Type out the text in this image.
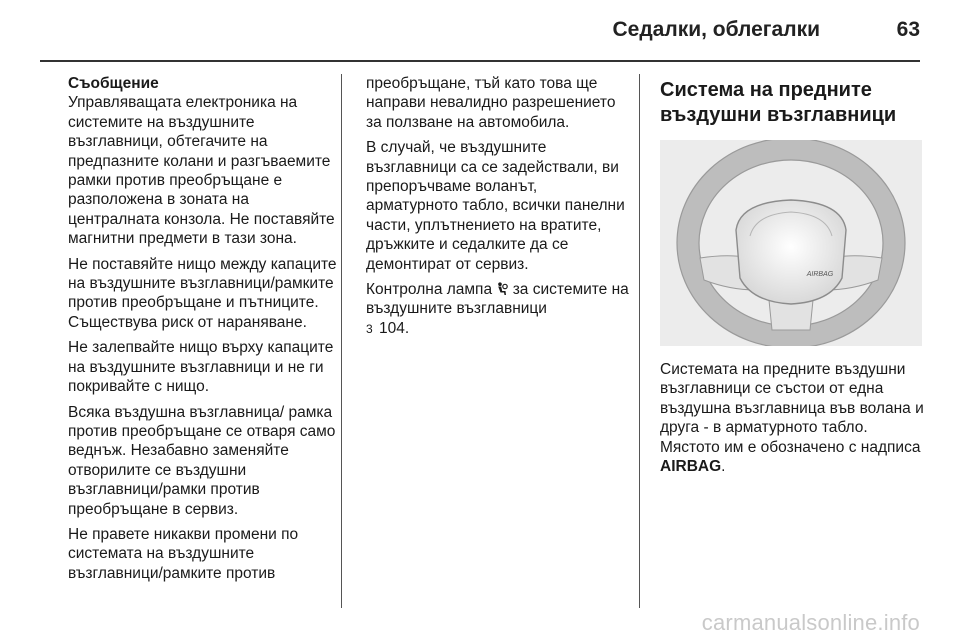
Седалки, облегалки	63

Съобщение

Управляващата електроника на системите на въздушните възглавници, обтегачите на предпазните колани и разгъваемите рамки против преобръщане е разположена в зоната на централната конзола. Не поставяйте магнитни предмети в тази зона.

Не поставяйте нищо между капаците на въздушните възглавници/рамките против преобръщане и пътниците. Съществува риск от нараняване.

Не залепвайте нищо върху капаците на въздушните възглавници и не ги покривайте с нищо.

Всяка въздушна възглавница/ рамка против преобръщане се отваря само веднъж. Незабавно заменяйте отворилите се въздушни възглавници/рамки против преобръщане в сервиз.

Не правете никакви промени по системата на въздушните възглавници/рамките против

преобръщане, тъй като това ще направи невалидно разрешението за ползване на автомобила.

В случай, че въздушните възглавници са се задействали, ви препоръчваме воланът, арматурното табло, всички панелни части, уплътнението на вратите, дръжките и седалките да се демонтират от сервиз.

Контролна лампа за системите на въздушните възглавници
3 104.

Система на предните въздушни възглавници
AIRBAG

Системата на предните въздушни възглавници се състои от една въздушна възглавница във волана и друга - в арматурното табло. Мястото им е обозначено с надписа AIRBAG.

carmanualsonline.info
